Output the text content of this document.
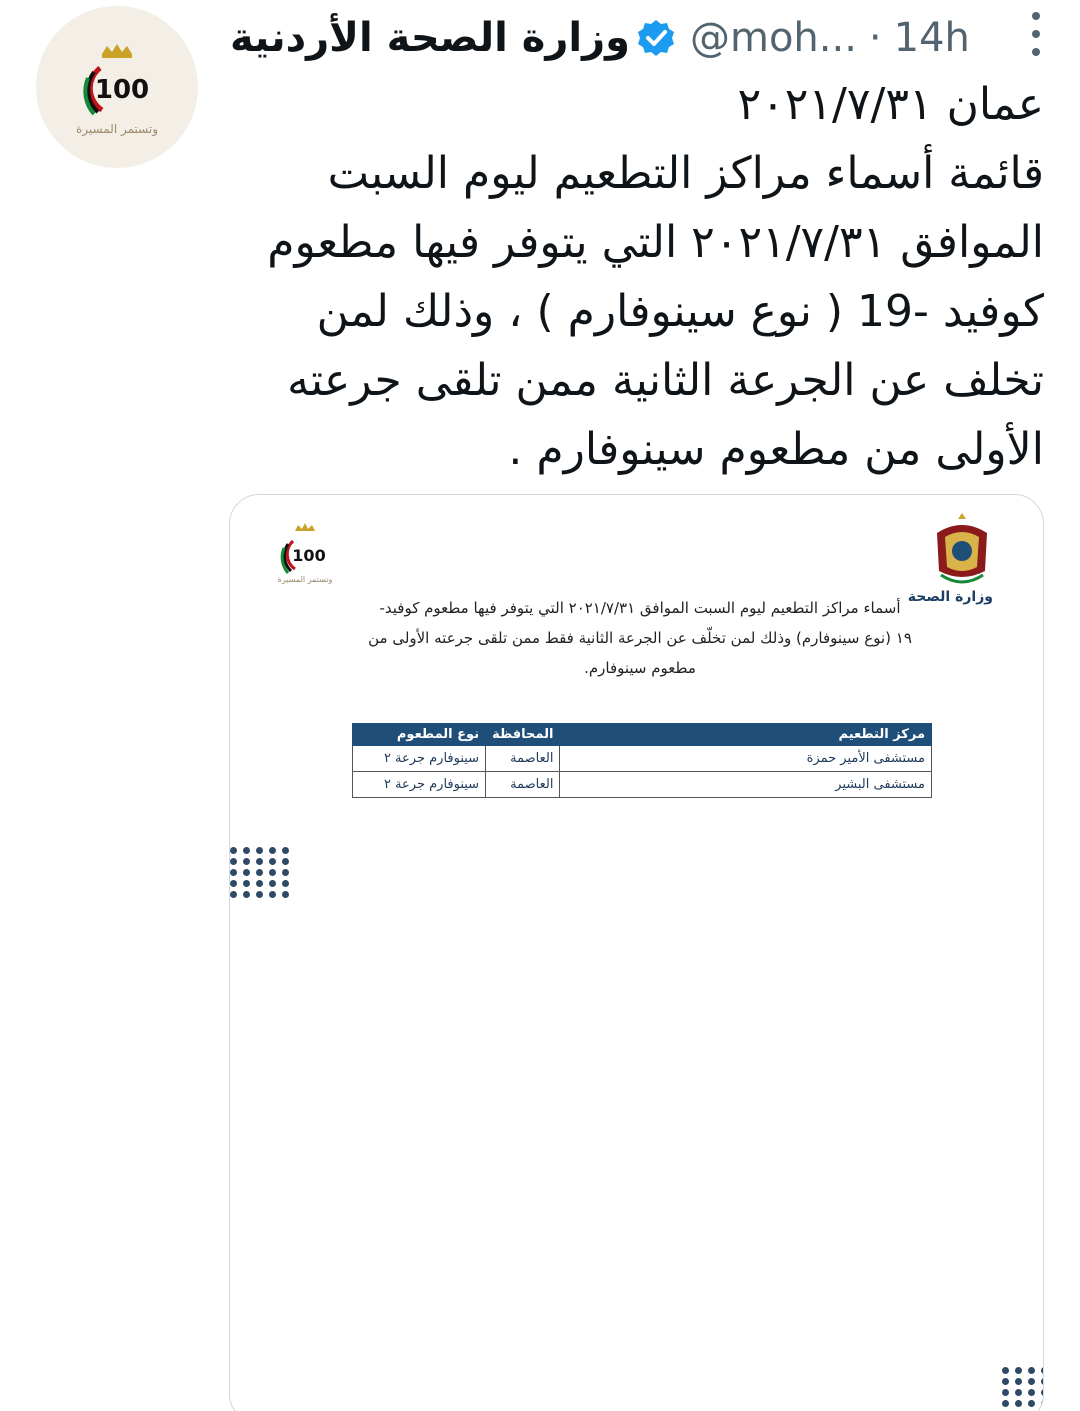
100
وتستمر المسيرة
وزارة الصحة الأردنية @moh... · 14h

عمان ٢٠٢١/٧/٣١

قائمة أسماء مراكز التطعيم ليوم السبت

الموافق ٢٠٢١/٧/٣١ التي يتوفر فيها مطعوم

كوفيد -19 ( نوع سينوفارم ) ، وذلك لمن

تخلف عن الجرعة الثانية ممن تلقى جرعته

الأولى من مطعوم سينوفارم .

100
وتستمر المسيرة
وزارة الصحة

أسماء مراكز التطعيم ليوم السبت الموافق ٢٠٢١/٧/٣١ التي يتوفر فيها مطعوم كوفيد-

١٩ (نوع سينوفارم) وذلك لمن تخلّف عن الجرعة الثانية فقط ممن تلقى جرعته الأولى من

مطعوم سينوفارم.

مركز التطعيم	المحافظة	نوع المطعوم
مستشفى الأمير حمزة	العاصمة	سينوفارم جرعة ٢
مستشفى البشير	العاصمة	سينوفارم جرعة ٢
